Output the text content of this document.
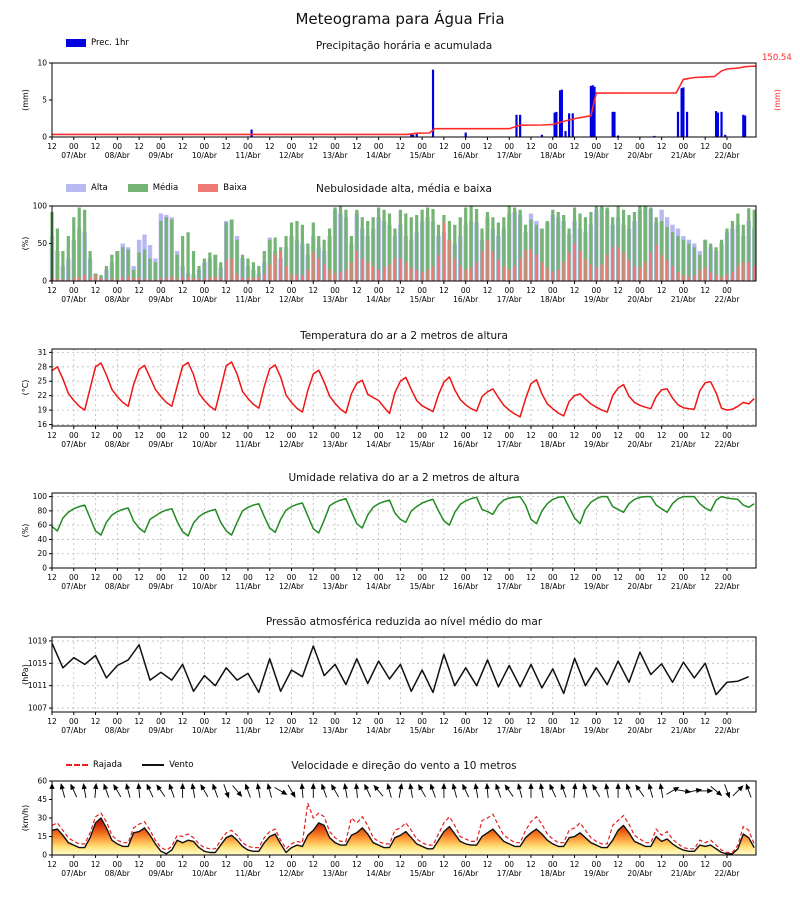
150.54
(mm)
12 00
07/Abr
12 00
08/Abr
12 00
09/Abr
12 00
10/Abr
12 00
11/Abr
12 00
12/Abr
12 00
13/Abr
12 00
14/Abr
12 00
15/Abr
12 00
16/Abr
12 00
17/Abr
12 00
18/Abr
12 00
19/Abr
12 00
20/Abr
12 00
21/Abr
12 00
22/Abr
0
5
10
(mm)
12 00
07/Abr
12 00
08/Abr
12 00
09/Abr
12 00
10/Abr
12 00
11/Abr
12 00
12/Abr
12 00
13/Abr
12 00
14/Abr
12 00
15/Abr
12 00
16/Abr
12 00
17/Abr
12 00
18/Abr
12 00
19/Abr
12 00
20/Abr
12 00
21/Abr
12 00
22/Abr
0
50
100
(%)
12 00
07/Abr
12 00
08/Abr
12 00
09/Abr
12 00
10/Abr
12 00
11/Abr
12 00
12/Abr
12 00
13/Abr
12 00
14/Abr
12 00
15/Abr
12 00
16/Abr
12 00
17/Abr
12 00
18/Abr
12 00
19/Abr
12 00
20/Abr
12 00
21/Abr
12 00
22/Abr
16
19
22
25
28
31
(°C)
12 00
07/Abr
12 00
08/Abr
12 00
09/Abr
12 00
10/Abr
12 00
11/Abr
12 00
12/Abr
12 00
13/Abr
12 00
14/Abr
12 00
15/Abr
12 00
16/Abr
12 00
17/Abr
12 00
18/Abr
12 00
19/Abr
12 00
20/Abr
12 00
21/Abr
12 00
22/Abr
0
20
40
60
80
100
(%)
12 00
07/Abr
12 00
08/Abr
12 00
09/Abr
12 00
10/Abr
12 00
11/Abr
12 00
12/Abr
12 00
13/Abr
12 00
14/Abr
12 00
15/Abr
12 00
16/Abr
12 00
17/Abr
12 00
18/Abr
12 00
19/Abr
12 00
20/Abr
12 00
21/Abr
12 00
22/Abr
1007
1011
1015
1019
(hPa)
12 00
07/Abr
12 00
08/Abr
12 00
09/Abr
12 00
10/Abr
12 00
11/Abr
12 00
12/Abr
12 00
13/Abr
12 00
14/Abr
12 00
15/Abr
12 00
16/Abr
12 00
17/Abr
12 00
18/Abr
12 00
19/Abr
12 00
20/Abr
12 00
21/Abr
12 00
22/Abr
0
15
30
45
60
(km/h)
Meteograma para Água Fria
Precipitação horária e acumulada
Nebulosidade alta, média e baixa
Temperatura do ar a 2 metros de altura
Umidade relativa do ar a 2 metros de altura
Pressão atmosférica reduzida ao nível médio do mar
Velocidade e direção do vento a 10 metros
Prec. 1hr
Alta	Média	Baixa
Rajada	Vento
